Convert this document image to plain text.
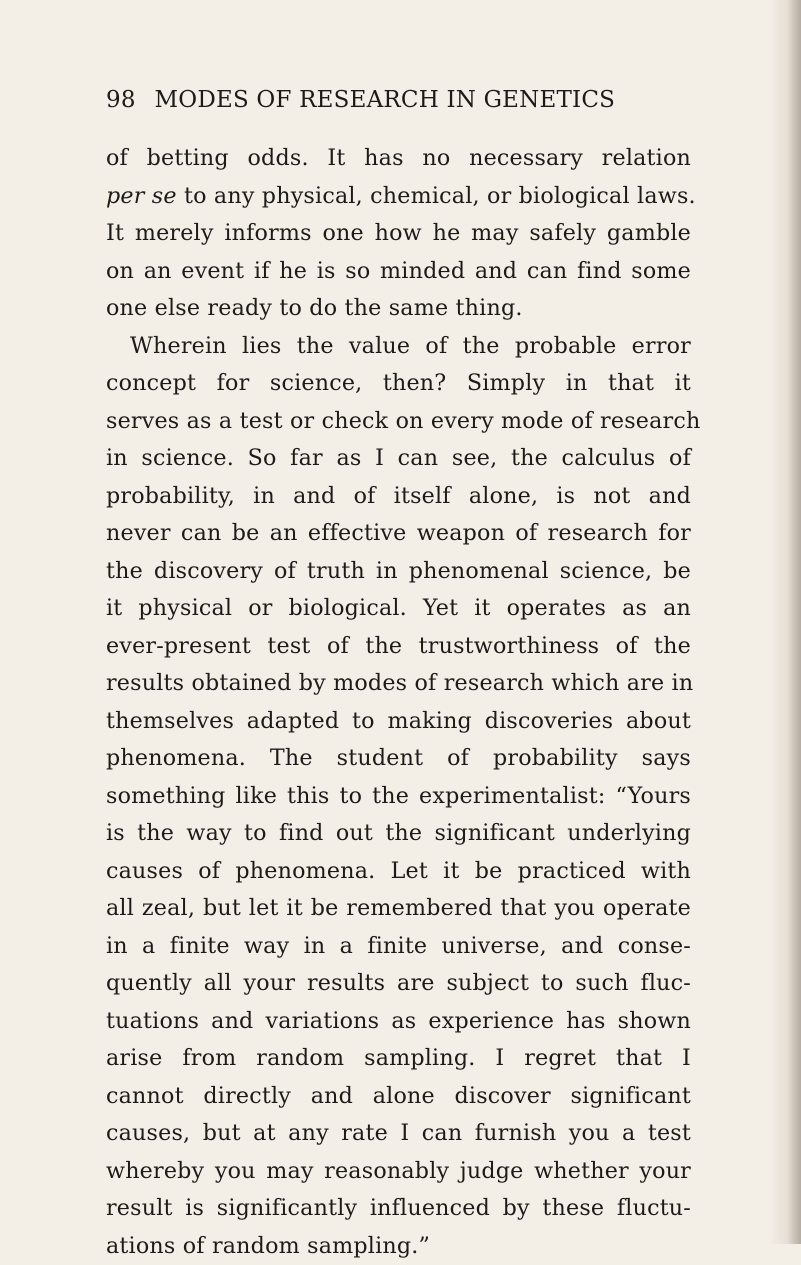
98 MODES OF RESEARCH IN GENETICS
of betting odds. It has no necessary relation
per se to any physical, chemical, or biological laws.
It merely informs one how he may safely gamble
on an event if he is so minded and can find some
one else ready to do the same thing.
Wherein lies the value of the probable error
concept for science, then? Simply in that it
serves as a test or check on every mode of research
in science. So far as I can see, the calculus of
probability, in and of itself alone, is not and
never can be an effective weapon of research for
the discovery of truth in phenomenal science, be
it physical or biological. Yet it operates as an
ever-present test of the trustworthiness of the
results obtained by modes of research which are in
themselves adapted to making discoveries about
phenomena. The student of probability says
something like this to the experimentalist: “Yours
is the way to find out the significant underlying
causes of phenomena. Let it be practiced with
all zeal, but let it be remembered that you operate
in a finite way in a finite universe, and conse-
quently all your results are subject to such fluc-
tuations and variations as experience has shown
arise from random sampling. I regret that I
cannot directly and alone discover significant
causes, but at any rate I can furnish you a test
whereby you may reasonably judge whether your
result is significantly influenced by these fluctu-
ations of random sampling.”
